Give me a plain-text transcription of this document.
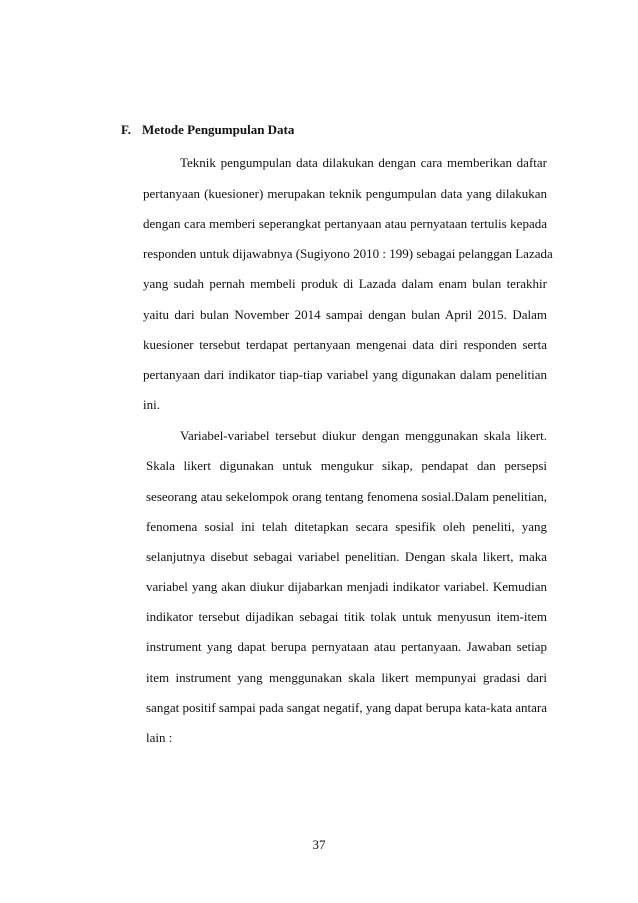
F. Metode Pengumpulan Data
Teknik pengumpulan data dilakukan dengan cara memberikan daftar
pertanyaan (kuesioner) merupakan teknik pengumpulan data yang dilakukan
dengan cara memberi seperangkat pertanyaan atau pernyataan tertulis kepada
responden untuk dijawabnya (Sugiyono 2010 : 199) sebagai pelanggan Lazada
yang sudah pernah membeli produk di Lazada dalam enam bulan terakhir
yaitu dari bulan November 2014 sampai dengan bulan April 2015. Dalam
kuesioner tersebut terdapat pertanyaan mengenai data diri responden serta
pertanyaan dari indikator tiap-tiap variabel yang digunakan dalam penelitian
ini.
Variabel-variabel tersebut diukur dengan menggunakan skala likert.
Skala likert digunakan untuk mengukur sikap, pendapat dan persepsi
seseorang atau sekelompok orang tentang fenomena sosial.Dalam penelitian,
fenomena sosial ini telah ditetapkan secara spesifik oleh peneliti, yang
selanjutnya disebut sebagai variabel penelitian. Dengan skala likert, maka
variabel yang akan diukur dijabarkan menjadi indikator variabel. Kemudian
indikator tersebut dijadikan sebagai titik tolak untuk menyusun item-item
instrument yang dapat berupa pernyataan atau pertanyaan. Jawaban setiap
item instrument yang menggunakan skala likert mempunyai gradasi dari
sangat positif sampai pada sangat negatif, yang dapat berupa kata-kata antara
lain :
37
